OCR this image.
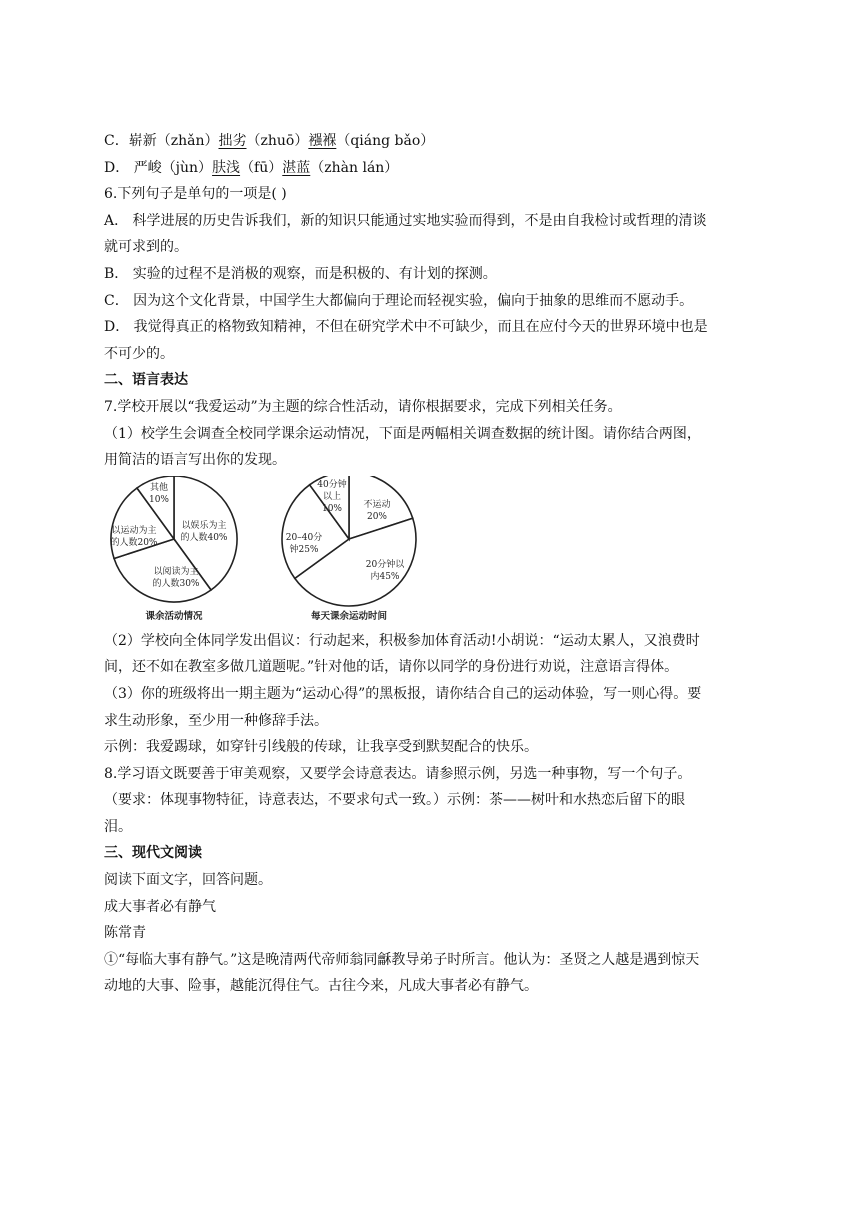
C．崭新（zhǎn）拙劣（zhuō）襁褓（qiáng bǎo）
D． 严峻（jùn）肤浅（fū）湛蓝（zhàn lán）
6.下列句子是单句的一项是( )
A． 科学进展的历史告诉我们，新的知识只能通过实地实验而得到，不是由自我检讨或哲理的清谈
就可求到的。
B． 实验的过程不是消极的观察，而是积极的、有计划的探测。
C． 因为这个文化背景，中国学生大都偏向于理论而轻视实验，偏向于抽象的思维而不愿动手。
D． 我觉得真正的格物致知精神，不但在研究学术中不可缺少，而且在应付今天的世界环境中也是
不可少的。
二、语言表达
7.学校开展以“我爱运动”为主题的综合性活动，请你根据要求，完成下列相关任务。
（1）校学生会调查全校同学课余运动情况，下面是两幅相关调查数据的统计图。请你结合两图，
用简洁的语言写出你的发现。
以娱乐为主的人数40%
以阅读为主的人数30%
以运动为主的人数20%
其他 10%
课余活动情况
不运动 20%
20分钟以内45%
20–40分钟25%
40分钟以上 10%
每天课余运动时间
（2）学校向全体同学发出倡议：行动起来，积极参加体育活动!小胡说：“运动太累人，又浪费时
间，还不如在教室多做几道题呢。”针对他的话，请你以同学的身份进行劝说，注意语言得体。
（3）你的班级将出一期主题为“运动心得”的黑板报，请你结合自己的运动体验，写一则心得。要
求生动形象，至少用一种修辞手法。
示例：我爱踢球，如穿针引线般的传球，让我享受到默契配合的快乐。
8.学习语文既要善于审美观察，又要学会诗意表达。请参照示例，另选一种事物，写一个句子。
（要求：体现事物特征，诗意表达，不要求句式一致。）示例：茶——树叶和水热恋后留下的眼
泪。
三、现代文阅读
阅读下面文字，回答问题。
成大事者必有静气
陈常青
①“每临大事有静气。”这是晚清两代帝师翁同龢教导弟子时所言。他认为：圣贤之人越是遇到惊天
动地的大事、险事，越能沉得住气。古往今来，凡成大事者必有静气。
